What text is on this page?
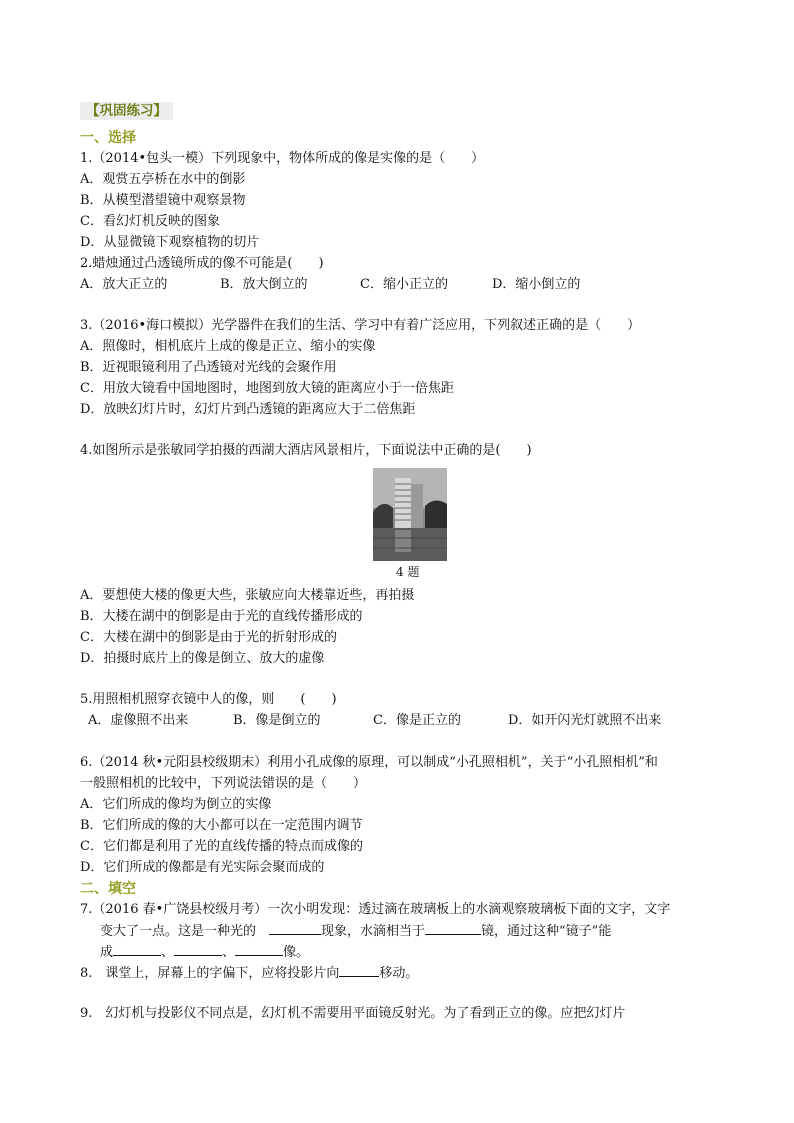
【巩固练习】
一、选择
1.（2014•包头一模）下列现象中，物体所成的像是实像的是（　　）
A．观赏五亭桥在水中的倒影
B．从模型潜望镜中观察景物
C．看幻灯机反映的图象
D．从显微镜下观察植物的切片
2.蜡烛通过凸透镜所成的像不可能是(　　)
A．放大正立的	B．放大倒立的	C．缩小正立的	D．缩小倒立的
3.（2016•海口模拟）光学器件在我们的生活、学习中有着广泛应用，下列叙述正确的是（　　）
A．照像时，相机底片上成的像是正立、缩小的实像
B．近视眼镜利用了凸透镜对光线的会聚作用
C．用放大镜看中国地图时，地图到放大镜的距离应小于一倍焦距
D．放映幻灯片时，幻灯片到凸透镜的距离应大于二倍焦距
4.如图所示是张敏同学拍摄的西湖大酒店风景相片，下面说法中正确的是(　　)
4 题
A．要想使大楼的像更大些，张敏应向大楼靠近些，再拍摄
B．大楼在湖中的倒影是由于光的直线传播形成的
C．大楼在湖中的倒影是由于光的折射形成的
D．拍摄时底片上的像是倒立、放大的虚像
5.用照相机照穿衣镜中人的像，则　　(　　)
A．虚像照不出来	B．像是倒立的	C．像是正立的	D．如开闪光灯就照不出来
6.（2014 秋•元阳县校级期末）利用小孔成像的原理，可以制成“小孔照相机”，关于“小孔照相机”和
一般照相机的比较中，下列说法错误的是（　　）
A．它们所成的像均为倒立的实像
B．它们所成的像的大小都可以在一定范围内调节
C．它们都是利用了光的直线传播的特点而成像的
D．它们所成的像都是有光实际会聚而成的
二、填空
7.（2016 春•广饶县校级月考）一次小明发现：透过滴在玻璃板上的水滴观察玻璃板下面的文字，文字
变大了一点。这是一种光的　	现象，水滴相当于	镜，通过这种“镜子”能
成	、	、	像。
8.　课堂上，屏幕上的字偏下，应将投影片向	移动。
9.　幻灯机与投影仪不同点是，幻灯机不需要用平面镜反射光。为了看到正立的像。应把幻灯片
